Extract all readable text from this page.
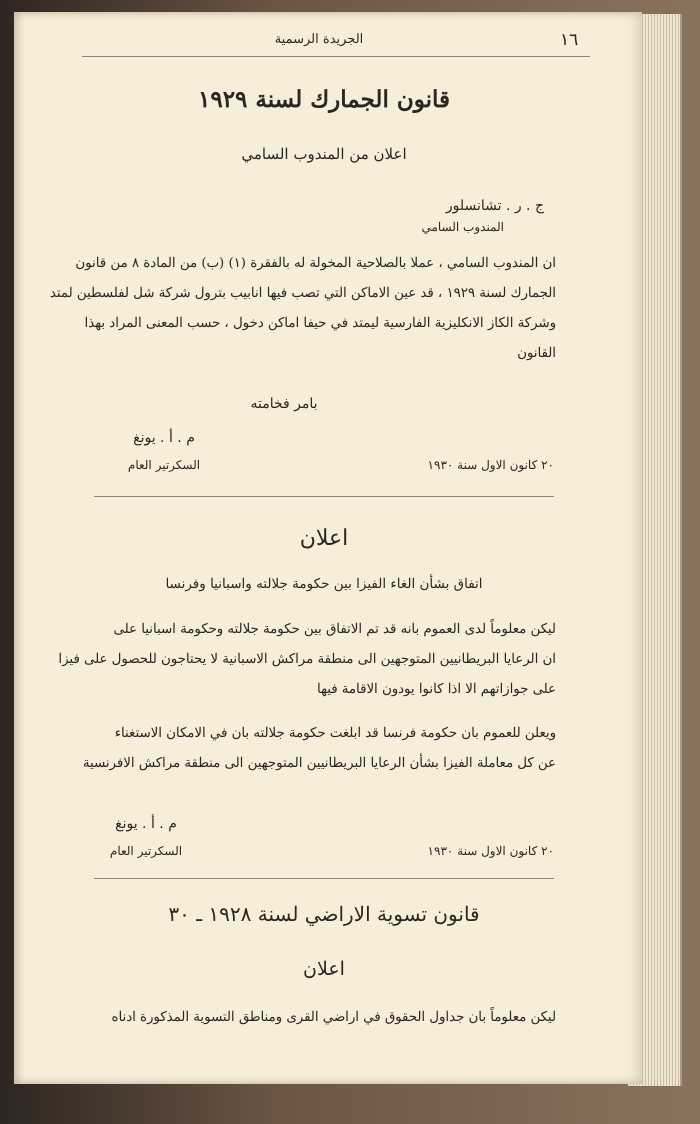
١٦
الجريدة الرسمية
قانون الجمارك لسنة ١٩٢٩
اعلان من المندوب السامي
ج . ر . تشانسلور
المندوب السامي
ان المندوب السامي ، عملا بالصلاحية المخولة له بالفقرة (١) (ب) من المادة ٨ من قانون
الجمارك لسنة ١٩٢٩ ، قد عين الاماكن التي تصب فيها انابيب بترول شركة شل لفلسطين لمتد
وشركة الكاز الانكليزية الفارسية ليمتد في حيفا اماكن دخول ، حسب المعنى المراد بهذا
القانون
بامر فخامته
م . أ . يونغ
السكرتير العام	٢٠ كانون الاول سنة ١٩٣٠
اعلان
اتفاق بشأن الغاء الفيزا بين حكومة جلالته واسبانيا وفرنسا
ليكن معلوماً لدى العموم بانه قد تم الاتفاق بين حكومة جلالته وحكومة اسبانيا على
ان الرعايا البريطانيين المتوجهين الى منطقة مراكش الاسبانية لا يحتاجون للحصول على فيزا
على جوازاتهم الا اذا كانوا يودون الاقامة فيها
ويعلن للعموم بان حكومة فرنسا قد ابلغت حكومة جلالته بان في الامكان الاستغناء
عن كل معاملة الفيزا بشأن الرعايا البريطانيين المتوجهين الى منطقة مراكش الافرنسية
م . أ . يونغ
السكرتير العام	٢٠ كانون الاول سنة ١٩٣٠
قانون تسوية الاراضي لسنة ١٩٢٨ ـ ٣٠
اعلان
ليكن معلوماً بان جداول الحقوق في اراضي القرى ومناطق التسوية المذكورة ادناه
